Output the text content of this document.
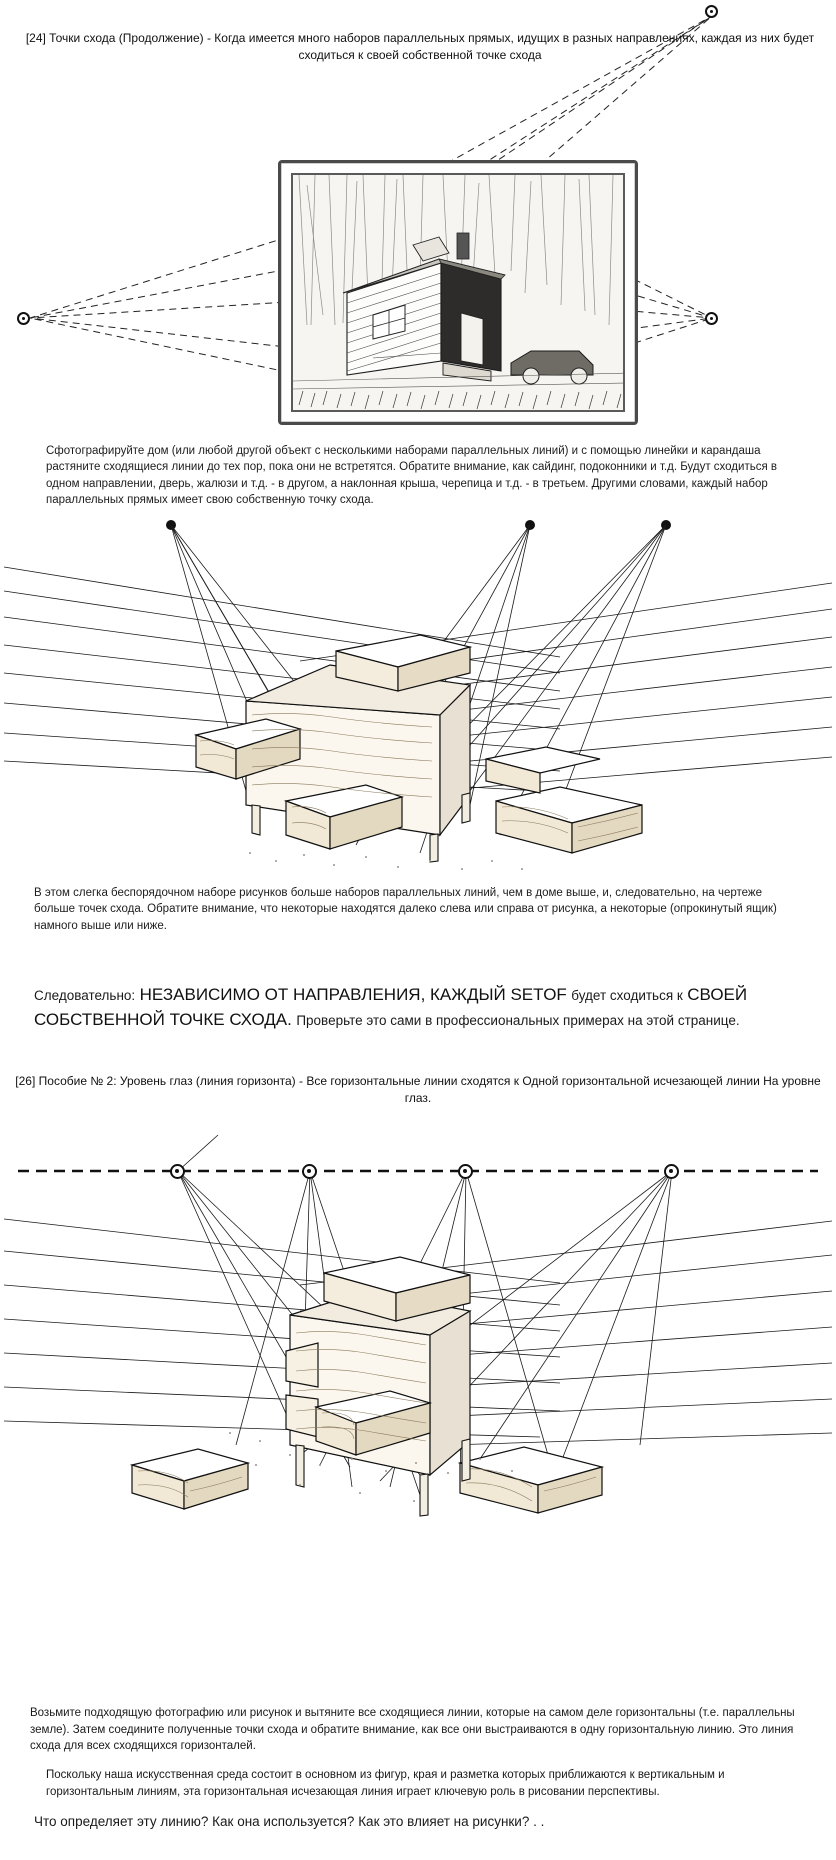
[24] Точки схода (Продолжение) - Когда имеется много наборов параллельных прямых, идущих в разных направлениях, каждая из них будет сходиться к своей собственной точке схода
Сфотографируйте дом (или любой другой объект с несколькими наборами параллельных линий) и с помощью линейки и карандаша растяните сходящиеся линии до тех пор, пока они не встретятся. Обратите внимание, как сайдинг, подоконники и т.д. Будут сходиться в одном направлении, дверь, жалюзи и т.д. - в другом, а наклонная крыша, черепица и т.д. - в третьем. Другими словами, каждый набор параллельных прямых имеет свою собственную точку схода.
В этом слегка беспорядочном наборе рисунков больше наборов параллельных линий, чем в доме выше, и, следовательно, на чертеже больше точек схода. Обратите внимание, что некоторые находятся далеко слева или справа от рисунка, а некоторые (опрокинутый ящик) намного выше или ниже.
Следовательно: НЕЗАВИСИМО ОТ НАПРАВЛЕНИЯ, КАЖДЫЙ SETOF будет сходиться к СВОЕЙ СОБСТВЕННОЙ ТОЧКЕ СХОДА. Проверьте это сами в профессиональных примерах на этой странице.
[26] Пособие № 2: Уровень глаз (линия горизонта) - Все горизонтальные линии сходятся к Одной горизонтальной исчезающей линии На уровне глаз.

Возьмите подходящую фотографию или рисунок и вытяните все сходящиеся линии, которые на самом деле горизонтальны (т.е. параллельны земле). Затем соедините полученные точки схода и обратите внимание, как все они выстраиваются в одну горизонтальную линию. Это линия схода для всех сходящихся горизонталей.

Поскольку наша искусственная среда состоит в основном из фигур, края и разметка которых приближаются к вертикальным и горизонтальным линиям, эта горизонтальная исчезающая линия играет ключевую роль в рисовании перспективы.

Что определяет эту линию? Как она используется? Как это влияет на рисунки? . .
